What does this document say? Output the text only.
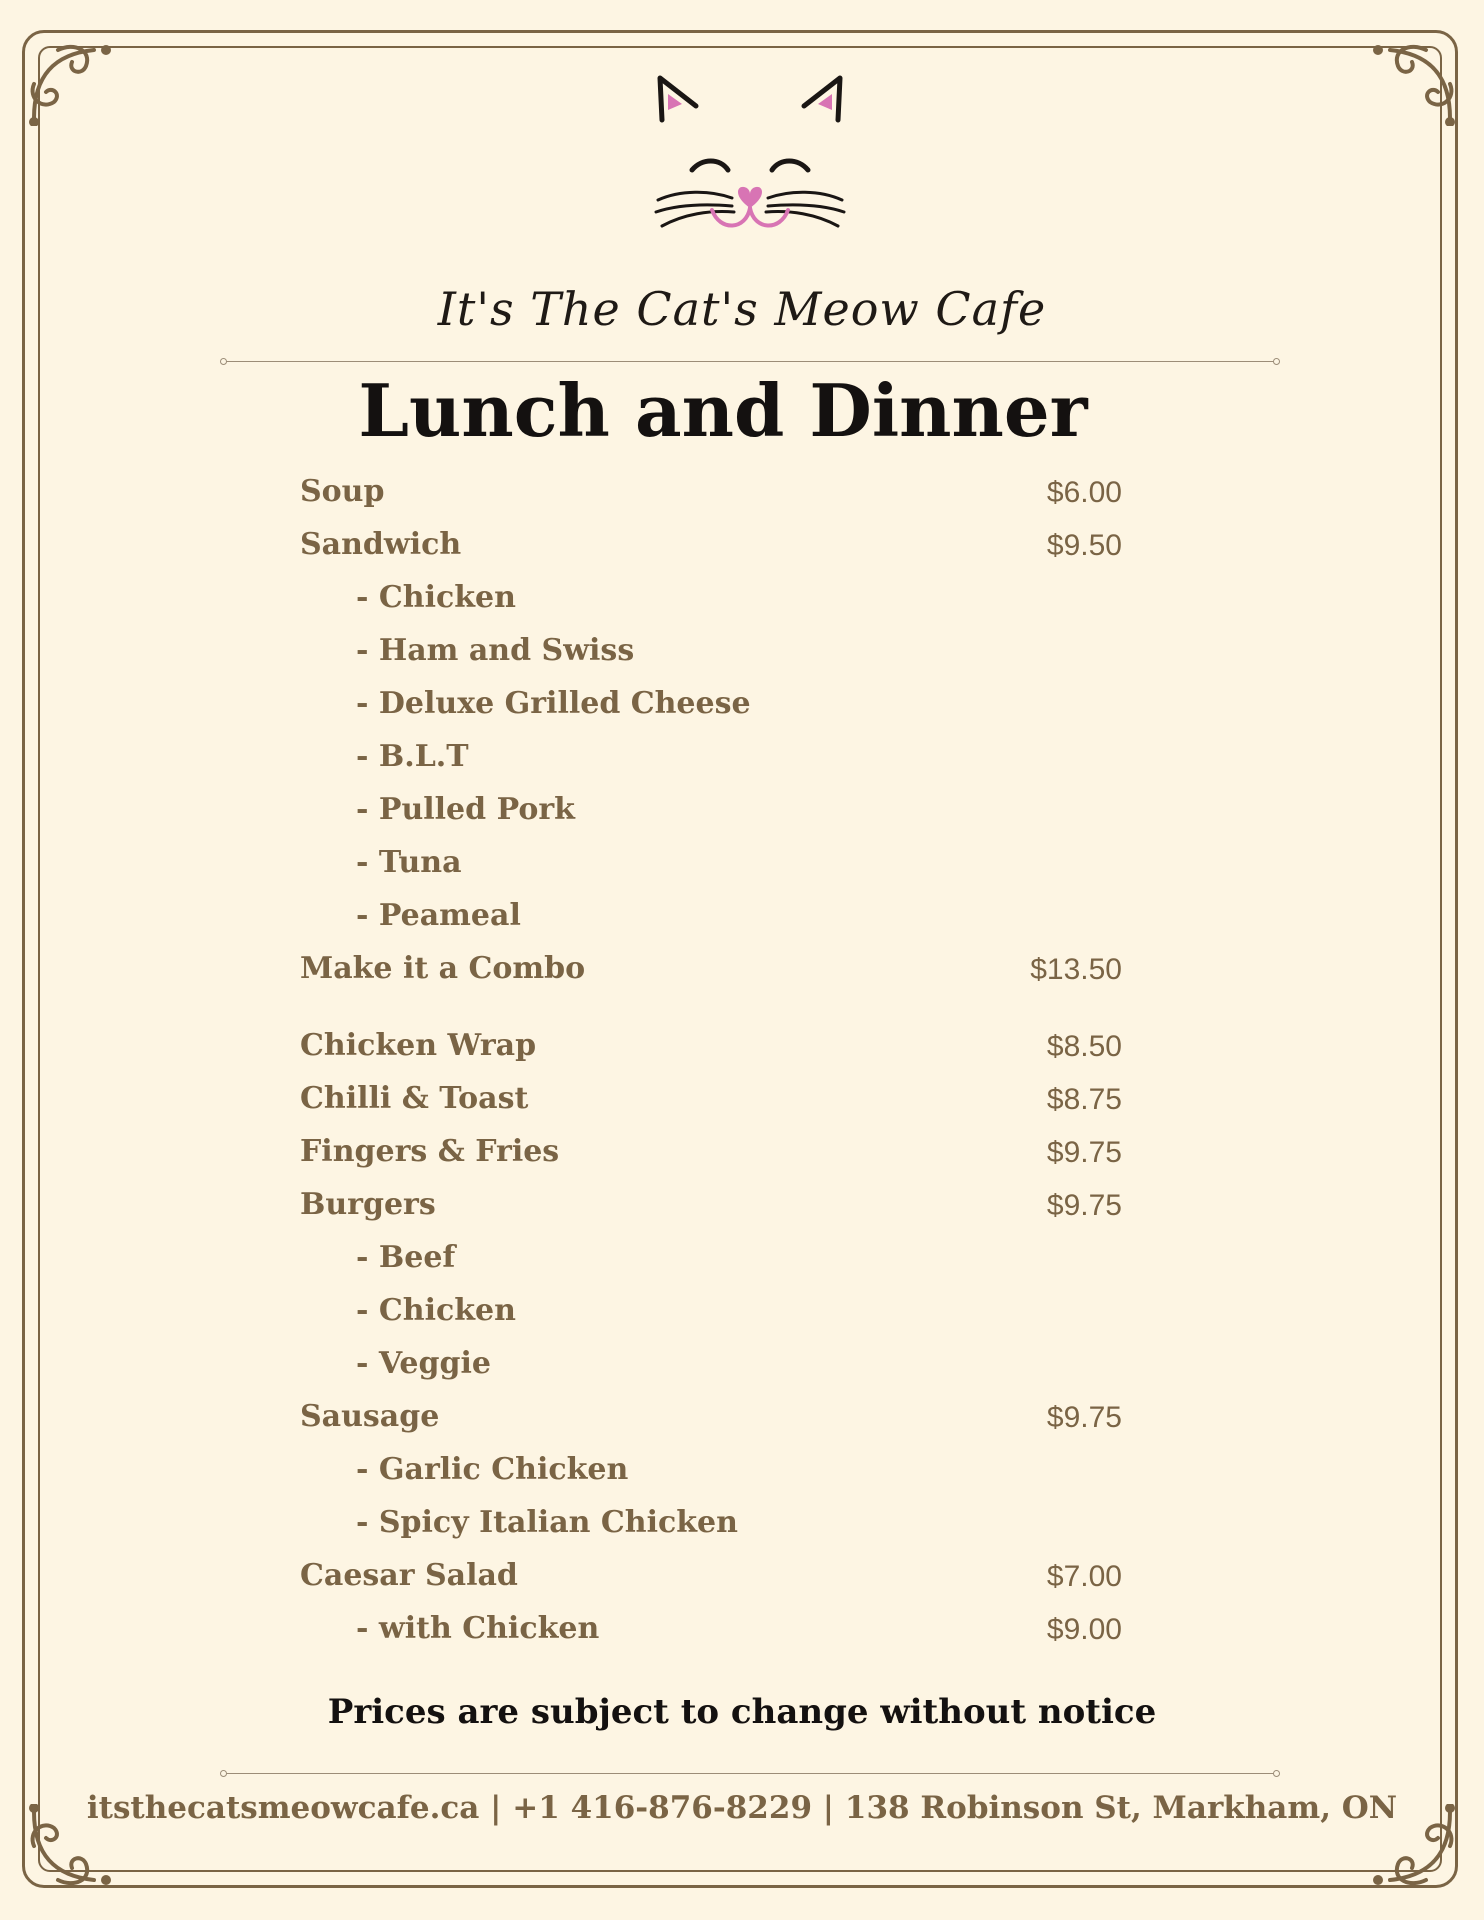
It's The Cat's Meow Cafe
Lunch and Dinner
Soup	$6.00
Sandwich	$9.50
- Chicken
- Ham and Swiss
- Deluxe Grilled Cheese
- B.L.T
- Pulled Pork
- Tuna
- Peameal
Make it a Combo	$13.50
Chicken Wrap	$8.50
Chilli & Toast	$8.75
Fingers & Fries	$9.75
Burgers	$9.75
- Beef
- Chicken
- Veggie
Sausage	$9.75
- Garlic Chicken
- Spicy Italian Chicken
Caesar Salad	$7.00
- with Chicken	$9.00
Prices are subject to change without notice
itsthecatsmeowcafe.ca | +1 416-876-8229 | 138 Robinson St, Markham, ON
